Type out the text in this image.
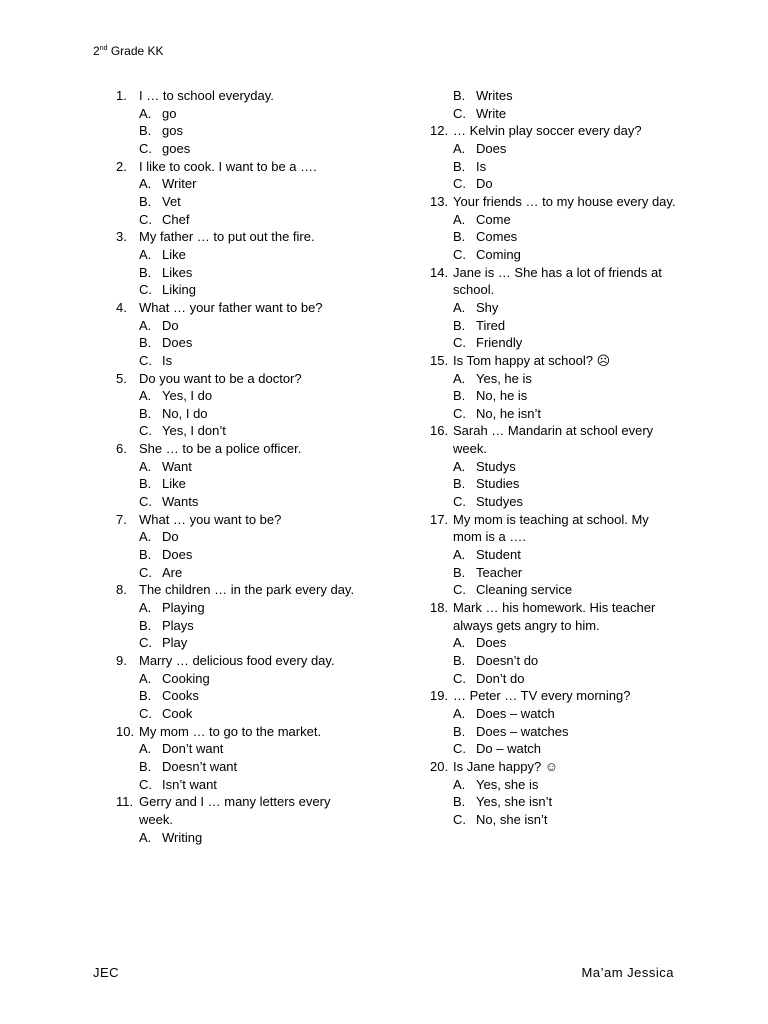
2nd Grade KK
1. I … to school everyday.
A. go
B. gos
C. goes
2. I like to cook. I want to be a ….
A. Writer
B. Vet
C. Chef
3. My father … to put out the fire.
A. Like
B. Likes
C. Liking
4. What … your father want to be?
A. Do
B. Does
C. Is
5. Do you want to be a doctor?
A. Yes, I do
B. No, I do
C. Yes, I don’t
6. She … to be a police officer.
A. Want
B. Like
C. Wants
7. What … you want to be?
A. Do
B. Does
C. Are
8. The children … in the park every day.
A. Playing
B. Plays
C. Play
9. Marry … delicious food every day.
A. Cooking
B. Cooks
C. Cook
10. My mom … to go to the market.
A. Don’t want
B. Doesn’t want
C. Isn’t want
11. Gerry and I … many letters every week.
A. Writing
B. Writes
C. Write
12. … Kelvin play soccer every day?
A. Does
B. Is
C. Do
13. Your friends … to my house every day.
A. Come
B. Comes
C. Coming
14. Jane is … She has a lot of friends at school.
A. Shy
B. Tired
C. Friendly
15. Is Tom happy at school? ☹
A. Yes, he is
B. No, he is
C. No, he isn’t
16. Sarah … Mandarin at school every week.
A. Studys
B. Studies
C. Studyes
17. My mom is teaching at school. My mom is a ….
A. Student
B. Teacher
C. Cleaning service
18. Mark … his homework. His teacher always gets angry to him.
A. Does
B. Doesn’t do
C. Don’t do
19. … Peter … TV every morning?
A. Does – watch
B. Does – watches
C. Do – watch
20. Is Jane happy? ☺
A. Yes, she is
B. Yes, she isn’t
C. No, she isn’t
JEC	Ma’am Jessica
